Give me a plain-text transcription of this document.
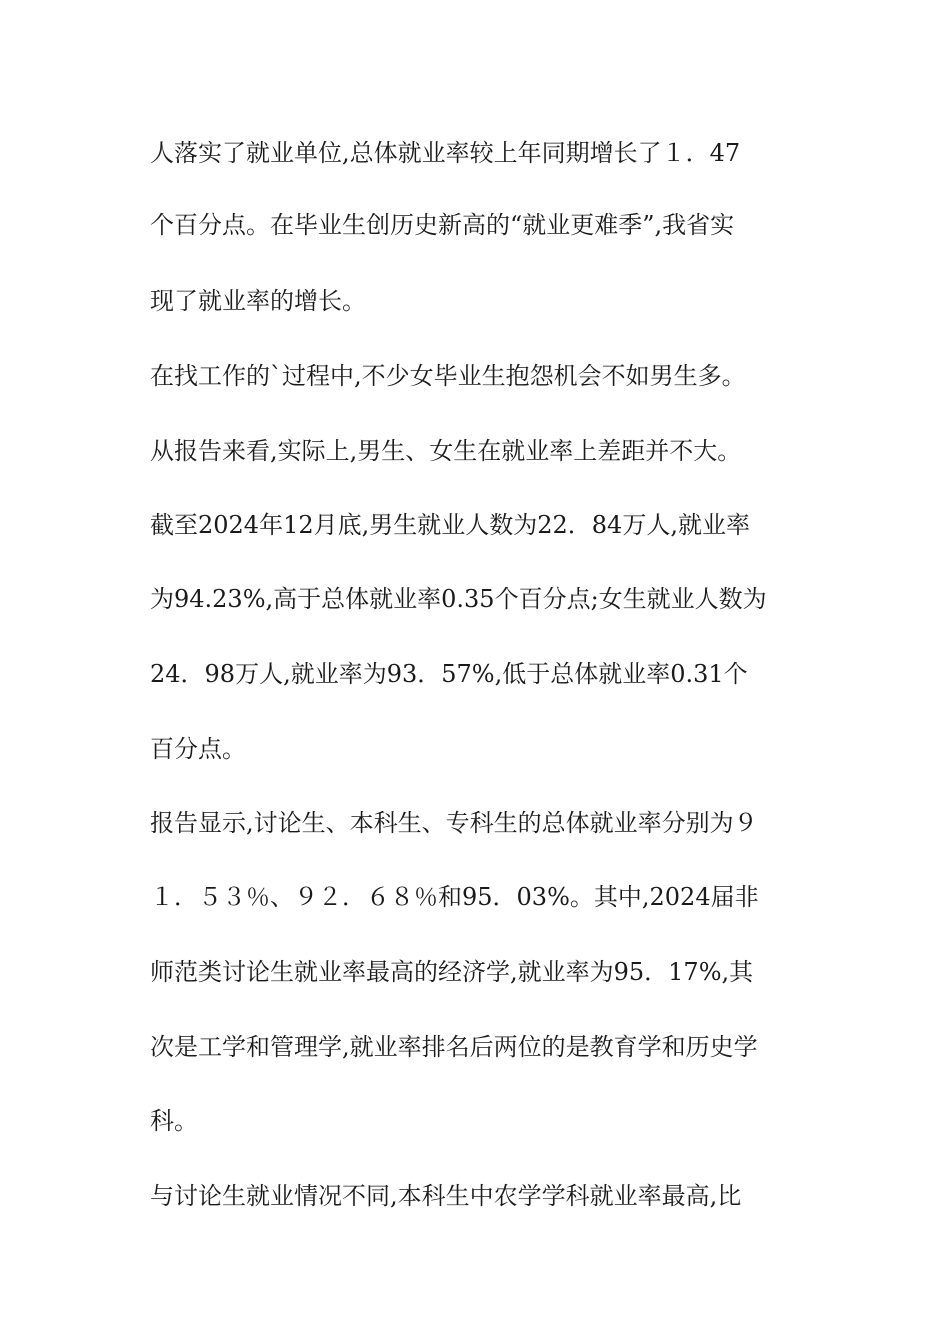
人落实了就业单位,总体就业率较上年同期增长了１．47
个百分点。在毕业生创历史新高的“就业更难季”,我省实
现了就业率的增长。
在找工作的`过程中,不少女毕业生抱怨机会不如男生多。
从报告来看,实际上,男生、女生在就业率上差距并不大。
截至2024年12月底,男生就业人数为22．84万人,就业率
为94.23%,高于总体就业率0.35个百分点;女生就业人数为
24．98万人,就业率为93．57%,低于总体就业率0.31个
百分点。
报告显示,讨论生、本科生、专科生的总体就业率分别为９
１．５３％、９２．６８％和95．03%。其中,2024届非
师范类讨论生就业率最高的经济学,就业率为95．17%,其
次是工学和管理学,就业率排名后两位的是教育学和历史学
科。
与讨论生就业情况不同,本科生中农学学科就业率最高,比
